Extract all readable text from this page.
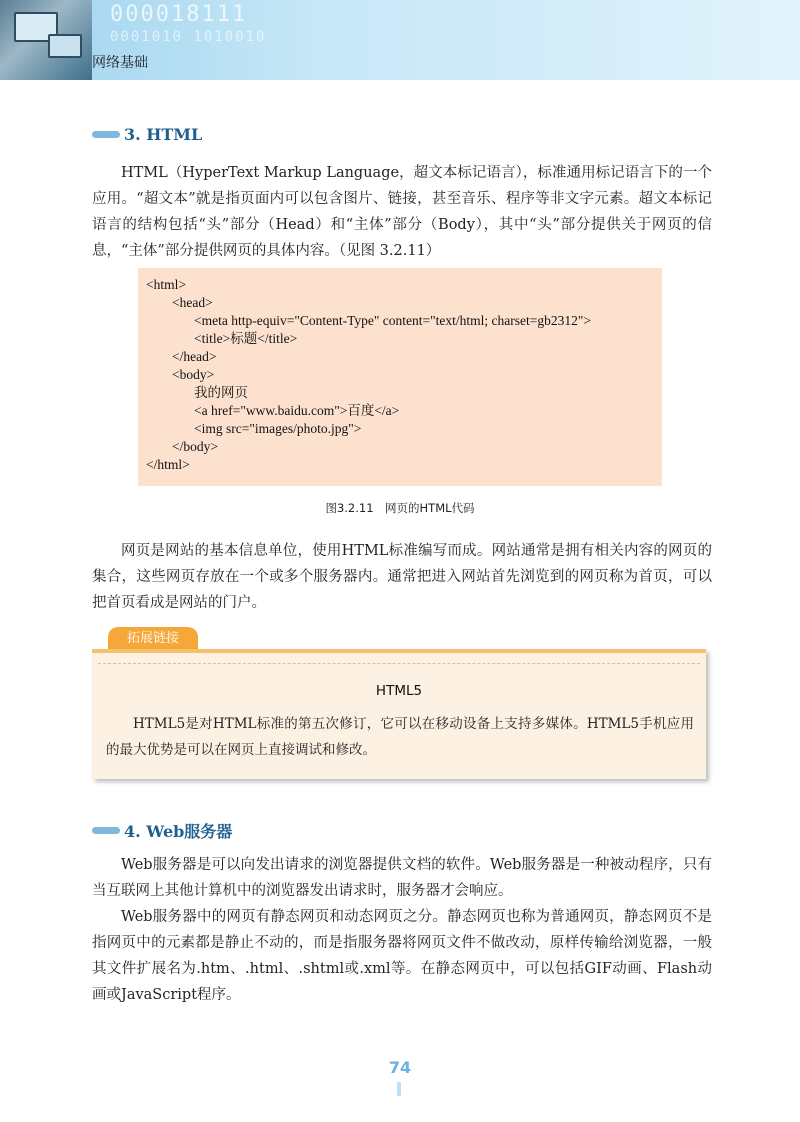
000018111
0001010 1010010
网络基础
3. HTML

HTML（HyperText Markup Language，超文本标记语言），标准通用标记语言下的一个应用。“超文本”就是指页面内可以包含图片、链接，甚至音乐、程序等非文字元素。超文本标记语言的结构包括“头”部分（Head）和“主体”部分（Body），其中“头”部分提供关于网页的信息，“主体”部分提供网页的具体内容。（见图 3.2.11）

<html>
<head>
<meta http-equiv="Content-Type" content="text/html; charset=gb2312">
<title>标题</title>
</head>
<body>
我的网页
<a href="www.baidu.com">百度</a>
<img src="images/photo.jpg">
</body>
</html>
图3.2.11　网页的HTML代码

网页是网站的基本信息单位，使用HTML标准编写而成。网站通常是拥有相关内容的网页的集合，这些网页存放在一个或多个服务器内。通常把进入网站首先浏览到的网页称为首页，可以把首页看成是网站的门户。

拓展链接
HTML5

HTML5是对HTML标准的第五次修订，它可以在移动设备上支持多媒体。HTML5手机应用的最大优势是可以在网页上直接调试和修改。

4. Web服务器

Web服务器是可以向发出请求的浏览器提供文档的软件。Web服务器是一种被动程序，只有当互联网上其他计算机中的浏览器发出请求时，服务器才会响应。

Web服务器中的网页有静态网页和动态网页之分。静态网页也称为普通网页，静态网页不是指网页中的元素都是静止不动的，而是指服务器将网页文件不做改动，原样传输给浏览器，一般其文件扩展名为.htm、.html、.shtml或.xml等。在静态网页中，可以包括GIF动画、Flash动画或JavaScript程序。

74
